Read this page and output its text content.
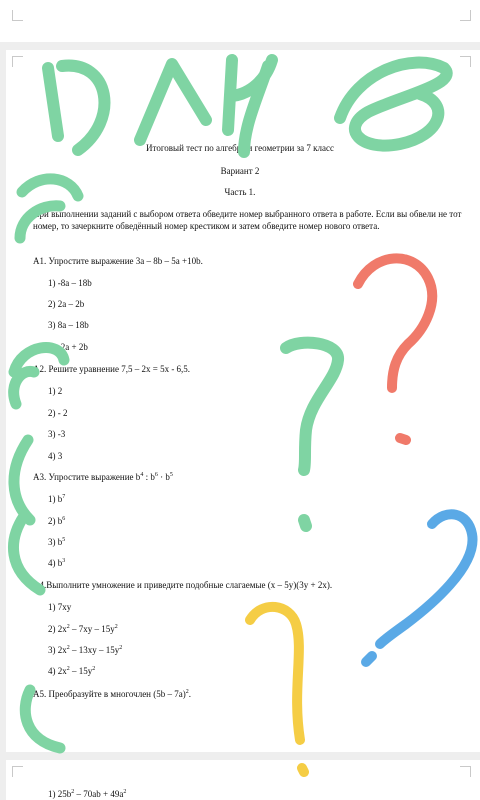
Итоговый тест по алгебре и геометрии за 7 класс
Вариант 2
Часть 1.
При выполнении заданий с выбором ответа обведите номер выбранного ответа в работе. Если вы обвели не тот номер, то зачеркните обведённый номер крестиком и затем обведите номер нового ответа.
А1. Упростите выражение 3a – 8b – 5a +10b.
1) -8a – 18b
2) 2a – 2b
3) 8a – 18b
4) -2a + 2b
А2. Решите уравнение 7,5 – 2x = 5x - 6,5.
1) 2
2) - 2
3) -3
4) 3
А3. Упростите выражение $b^4$ : $b^6 \cdot b^5$
1) $b^7$
2) $b^6$
3) $b^5$
4) $b^3$
А4.Выполните умножение и приведите подобные слагаемые (x – 5y)(3y + 2x).
1) 7xy
2) $2x^2 - 7xy - 15y^2$
3) $2x^2 - 13xy - 15y^2$
4) $2x^2 - 15y^2$
А5. Преобразуйте в многочлен (5b – 7a)$^2$.
1) $25b^2 - 70ab + 49a^2$
